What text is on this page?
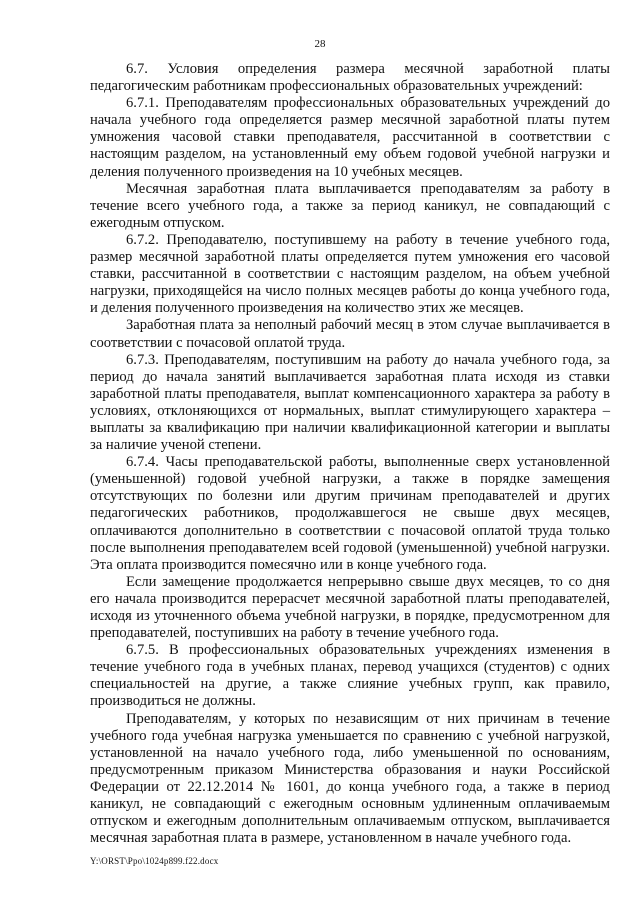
28

6.7. Условия определения размера месячной заработной платы педагогическим работникам профессиональных образовательных учреждений:

6.7.1. Преподавателям профессиональных образовательных учреждений до начала учебного года определяется размер месячной заработной платы путем умножения часовой ставки преподавателя, рассчитанной в соответствии с настоящим разделом, на установленный ему объем годовой учебной нагрузки и деления полученного произведения на 10 учебных месяцев.

Месячная заработная плата выплачивается преподавателям за работу в течение всего учебного года, а также за период каникул, не совпадающий с ежегодным отпуском.

6.7.2. Преподавателю, поступившему на работу в течение учебного года, размер месячной заработной платы определяется путем умножения его часовой ставки, рассчитанной в соответствии с настоящим разделом, на объем учебной нагрузки, приходящейся на число полных месяцев работы до конца учебного года, и деления полученного произведения на количество этих же месяцев.

Заработная плата за неполный рабочий месяц в этом случае выплачивается в соответствии с почасовой оплатой труда.

6.7.3. Преподавателям, поступившим на работу до начала учебного года, за период до начала занятий выплачивается заработная плата исходя из ставки заработной платы преподавателя, выплат компенсационного характера за работу в условиях, отклоняющихся от нормальных, выплат стимулирующего характера – выплаты за квалификацию при наличии квалификационной категории и выплаты за наличие ученой степени.

6.7.4. Часы преподавательской работы, выполненные сверх установленной (уменьшенной) годовой учебной нагрузки, а также в порядке замещения отсутствующих по болезни или другим причинам преподавателей и других педагогических работников, продолжавшегося не свыше двух месяцев, оплачиваются дополнительно в соответствии с почасовой оплатой труда только после выполнения преподавателем всей годовой (уменьшенной) учебной нагрузки. Эта оплата производится помесячно или в конце учебного года.

Если замещение продолжается непрерывно свыше двух месяцев, то со дня его начала производится перерасчет месячной заработной платы преподавателей, исходя из уточненного объема учебной нагрузки, в порядке, предусмотренном для преподавателей, поступивших на работу в течение учебного года.

6.7.5. В профессиональных образовательных учреждениях изменения в течение учебного года в учебных планах, перевод учащихся (студентов) с одних специальностей на другие, а также слияние учебных групп, как правило, производиться не должны.

Преподавателям, у которых по независящим от них причинам в течение учебного года учебная нагрузка уменьшается по сравнению с учебной нагрузкой, установленной на начало учебного года, либо уменьшенной по основаниям, предусмотренным приказом Министерства образования и науки Российской Федерации от 22.12.2014 № 1601, до конца учебного года, а также в период каникул, не совпадающий с ежегодным основным удлиненным оплачиваемым отпуском и ежегодным дополнительным оплачиваемым отпуском, выплачивается месячная заработная плата в размере, установленном в начале учебного года.

Y:\ORST\Ppo\1024p899.f22.docx
